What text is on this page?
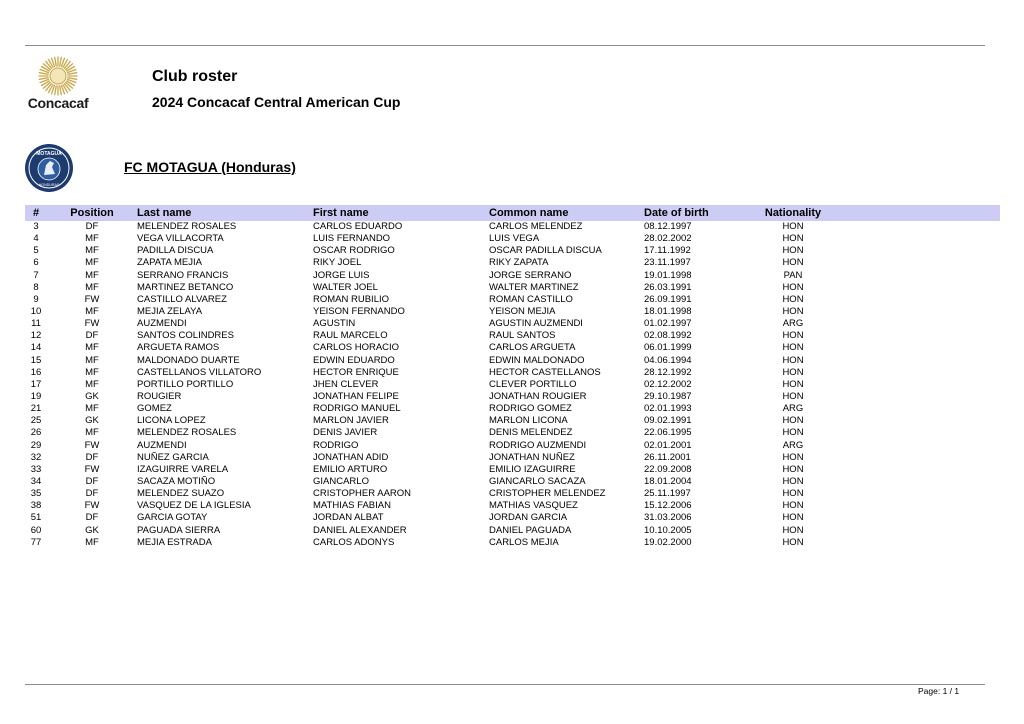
Concacaf
Club roster
2024 Concacaf Central American Cup
MOTAGUA
HONDURAS
FC MOTAGUA (Honduras)
#	Position	Last name	First name	Common name	Date of birth	Nationality	
3	DF	MELENDEZ ROSALES	CARLOS EDUARDO	CARLOS MELENDEZ	08.12.1997	HON	
4	MF	VEGA VILLACORTA	LUIS FERNANDO	LUIS VEGA	28.02.2002	HON	
5	MF	PADILLA DISCUA	OSCAR RODRIGO	OSCAR PADILLA DISCUA	17.11.1992	HON	
6	MF	ZAPATA MEJIA	RIKY JOEL	RIKY ZAPATA	23.11.1997	HON	
7	MF	SERRANO FRANCIS	JORGE LUIS	JORGE SERRANO	19.01.1998	PAN	
8	MF	MARTINEZ BETANCO	WALTER JOEL	WALTER MARTINEZ	26.03.1991	HON	
9	FW	CASTILLO ALVAREZ	ROMAN RUBILIO	ROMAN CASTILLO	26.09.1991	HON	
10	MF	MEJIA ZELAYA	YEISON FERNANDO	YEISON MEJIA	18.01.1998	HON	
11	FW	AUZMENDI	AGUSTIN	AGUSTIN AUZMENDI	01.02.1997	ARG	
12	DF	SANTOS COLINDRES	RAUL MARCELO	RAUL SANTOS	02.08.1992	HON	
14	MF	ARGUETA RAMOS	CARLOS HORACIO	CARLOS ARGUETA	06.01.1999	HON	
15	MF	MALDONADO DUARTE	EDWIN EDUARDO	EDWIN MALDONADO	04.06.1994	HON	
16	MF	CASTELLANOS VILLATORO	HECTOR ENRIQUE	HECTOR CASTELLANOS	28.12.1992	HON	
17	MF	PORTILLO PORTILLO	JHEN CLEVER	CLEVER PORTILLO	02.12.2002	HON	
19	GK	ROUGIER	JONATHAN FELIPE	JONATHAN ROUGIER	29.10.1987	HON	
21	MF	GOMEZ	RODRIGO MANUEL	RODRIGO GOMEZ	02.01.1993	ARG	
25	GK	LICONA LOPEZ	MARLON JAVIER	MARLON LICONA	09.02.1991	HON	
26	MF	MELENDEZ ROSALES	DENIS JAVIER	DENIS MELENDEZ	22.06.1995	HON	
29	FW	AUZMENDI	RODRIGO	RODRIGO AUZMENDI	02.01.2001	ARG	
32	DF	NUÑEZ GARCIA	JONATHAN ADID	JONATHAN NUÑEZ	26.11.2001	HON	
33	FW	IZAGUIRRE VARELA	EMILIO ARTURO	EMILIO IZAGUIRRE	22.09.2008	HON	
34	DF	SACAZA MOTIÑO	GIANCARLO	GIANCARLO SACAZA	18.01.2004	HON	
35	DF	MELENDEZ SUAZO	CRISTOPHER AARON	CRISTOPHER MELENDEZ	25.11.1997	HON	
38	FW	VASQUEZ DE LA IGLESIA	MATHIAS FABIAN	MATHIAS VASQUEZ	15.12.2006	HON	
51	DF	GARCIA GOTAY	JORDAN ALBAT	JORDAN GARCIA	31.03.2006	HON	
60	GK	PAGUADA SIERRA	DANIEL ALEXANDER	DANIEL PAGUADA	10.10.2005	HON	
77	MF	MEJIA ESTRADA	CARLOS ADONYS	CARLOS MEJIA	19.02.2000	HON	
Page: 1 / 1
